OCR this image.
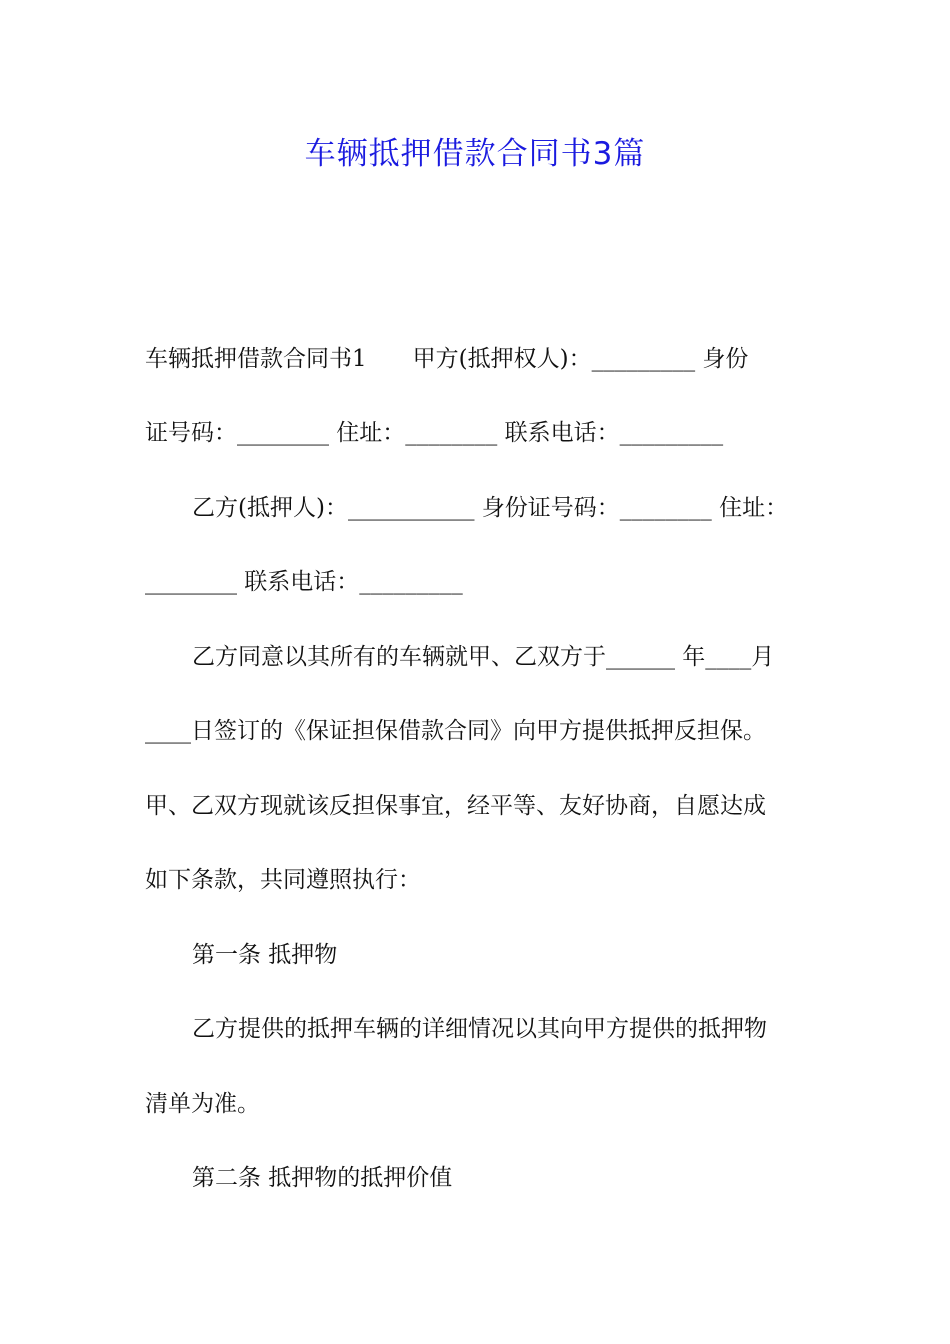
车辆抵押借款合同书3篇

车辆抵押借款合同书1　　甲方(抵押权人)：_________ 身份

证号码：________ 住址：________ 联系电话：_________

乙方(抵押人)：___________ 身份证号码：________ 住址：

________ 联系电话：_________

乙方同意以其所有的车辆就甲、乙双方于______ 年____月

____日签订的《保证担保借款合同》向甲方提供抵押反担保。

甲、乙双方现就该反担保事宜，经平等、友好协商，自愿达成

如下条款，共同遵照执行：

第一条 抵押物

乙方提供的抵押车辆的详细情况以其向甲方提供的抵押物

清单为准。

第二条 抵押物的抵押价值
